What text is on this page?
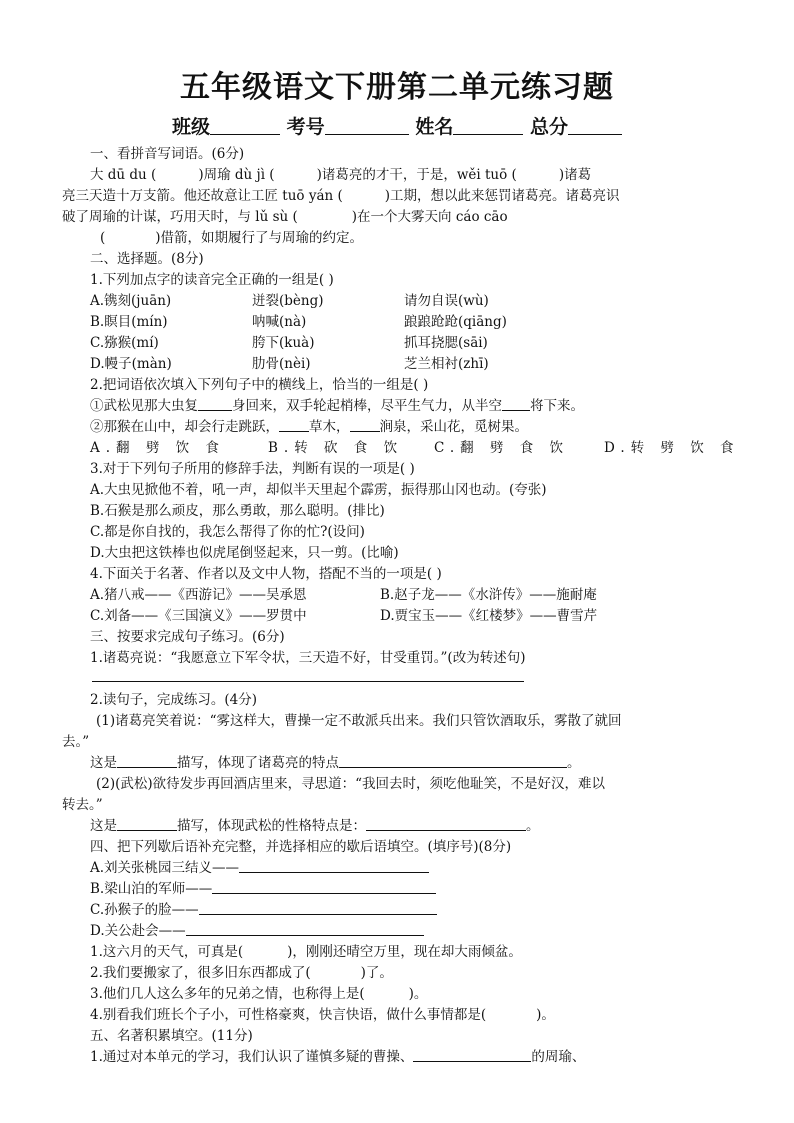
五年级语文下册第二单元练习题
班级	考号	姓名	总分
一、看拼音写词语。(6分)
大 dū du (	)周瑜 dù jì (	)诸葛亮的才干，于是，wěi tuō (	)诸葛
亮三天造十万支箭。他还故意让工匠 tuō yán (	)工期，想以此来惩罚诸葛亮。诸葛亮识
破了周瑜的计谋，巧用天时，与 lǔ sù (	)在一个大雾天向 cáo cāo
(	)借箭，如期履行了与周瑜的约定。
二、选择题。(8分)
1.下列加点字的读音完全正确的一组是( )
A.镌刻(juān)	迸裂(bèng)	请勿自误(wù)
B.瞑目(mín)	呐喊(nà)	踉踉跄跄(qiāng)
C.猕猴(mí)	胯下(kuà)	抓耳挠腮(sāi)
D.幔子(màn)	肋骨(nèi)	芝兰相衬(zhī)
2.把词语依次填入下列句子中的横线上，恰当的一组是( )
①武松见那大虫复	身回来，双手轮起梢棒，尽平生气力，从半空 将下来。
②那猴在山中，却会行走跳跃， 草木， 涧泉，采山花，觅树果。
A.翻 劈 饮 食	B.转 砍 食 饮 C.翻 劈 食 饮	D.转 劈 饮 食
3.对于下列句子所用的修辞手法，判断有误的一项是( )
A.大虫见掀他不着，吼一声，却似半天里起个霹雳，振得那山冈也动。(夸张)
B.石猴是那么顽皮，那么勇敢，那么聪明。(排比)
C.都是你自找的，我怎么帮得了你的忙?(设问)
D.大虫把这铁棒也似虎尾倒竖起来，只一剪。(比喻)
4.下面关于名著、作者以及文中人物，搭配不当的一项是( )
A.猪八戒——《西游记》——吴承恩	B.赵子龙——《水浒传》——施耐庵
C.刘备——《三国演义》——罗贯中	D.贾宝玉——《红楼梦》——曹雪芹
三、按要求完成句子练习。(6分)
1.诸葛亮说：“我愿意立下军令状，三天造不好，甘受重罚。”(改为转述句)
2.读句子，完成练习。(4分)
(1)诸葛亮笑着说：“雾这样大，曹操一定不敢派兵出来。我们只管饮酒取乐，雾散了就回
去。”
这是	描写，体现了诸葛亮的特点	。
(2)(武松)欲待发步再回酒店里来，寻思道：“我回去时，须吃他耻笑，不是好汉，难以
转去。”
这是	描写，体现武松的性格特点是：	。
四、把下列歇后语补充完整，并选择相应的歇后语填空。(填序号)(8分)
A.刘关张桃园三结义——
B.梁山泊的军师——
C.孙猴子的脸——
D.关公赴会——
1.这六月的天气，可真是(	)，刚刚还晴空万里，现在却大雨倾盆。
2.我们要搬家了，很多旧东西都成了(	)了。
3.他们几人这么多年的兄弟之情，也称得上是(	)。
4.别看我们班长个子小，可性格豪爽，快言快语，做什么事情都是(	)。
五、名著积累填空。(11分)
1.通过对本单元的学习，我们认识了谨慎多疑的曹操、	的周瑜、
